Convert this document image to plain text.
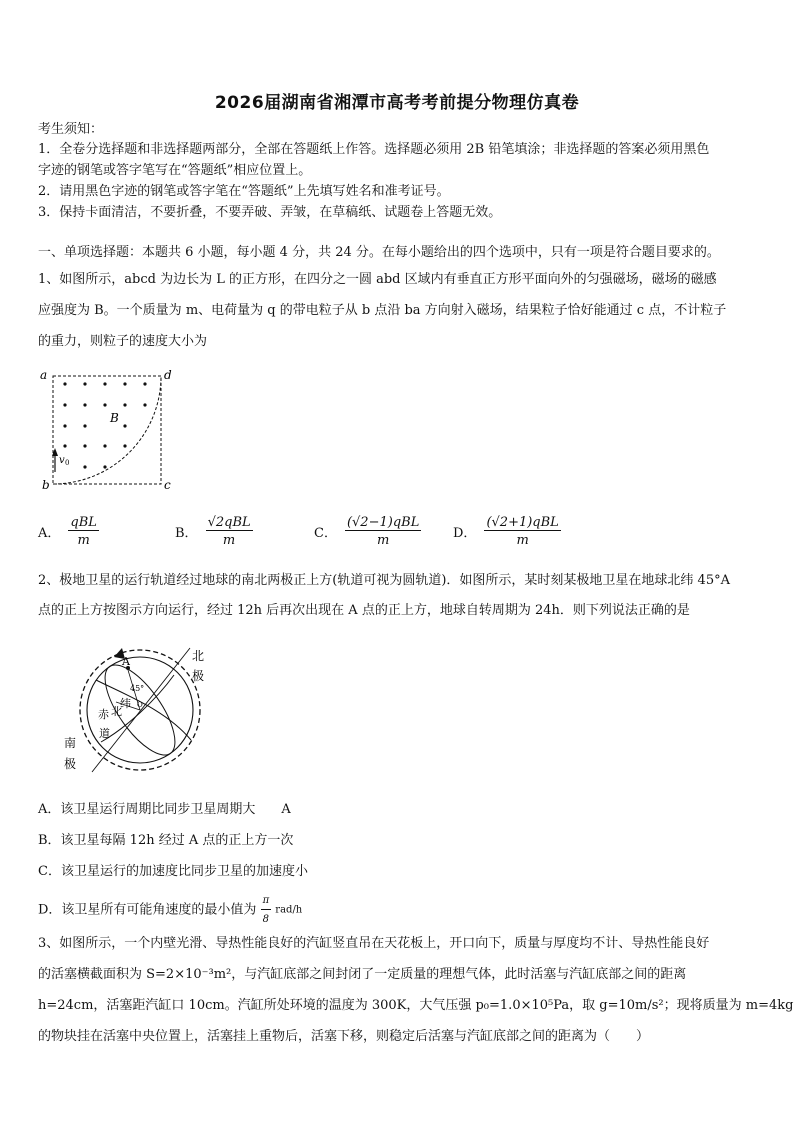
2026届湖南省湘潭市高考考前提分物理仿真卷
考生须知：
1．全卷分选择题和非选择题两部分，全部在答题纸上作答。选择题必须用 2B 铅笔填涂；非选择题的答案必须用黑色
字迹的钢笔或答字笔写在“答题纸”相应位置上。
2．请用黑色字迹的钢笔或答字笔在“答题纸”上先填写姓名和准考证号。
3．保持卡面清洁，不要折叠，不要弄破、弄皱，在草稿纸、试题卷上答题无效。
一、单项选择题：本题共 6 小题，每小题 4 分，共 24 分。在每小题给出的四个选项中，只有一项是符合题目要求的。
1、如图所示，abcd 为边长为 L 的正方形，在四分之一圆 abd 区域内有垂直正方形平面向外的匀强磁场，磁场的磁感
应强度为 B。一个质量为 m、电荷量为 q 的带电粒子从 b 点沿 ba 方向射入磁场，结果粒子恰好能通过 c 点，不计粒子
的重力，则粒子的速度大小为
a	d
b	c
B
v 0
A． $\frac{\text{qBL}}{m}$	B． $\frac{\text{√2qBL}}{m}$	C． $\frac{\text{(√2−1)qBL}}{m}$ D． $\frac{\text{(√2+1)qBL}}{m}$
2、极地卫星的运行轨道经过地球的南北两极正上方(轨道可视为圆轨道)．如图所示，某时刻某极地卫星在地球北纬 45°A
点的正上方按图示方向运行，经过 12h 后再次出现在 A 点的正上方，地球自转周期为 24h．则下列说法正确的是
A
45°
O
赤 北
纬
道
北
极
南
极
A．该卫星运行周期比同步卫星周期大　　A
B．该卫星每隔 12h 经过 A 点的正上方一次
C．该卫星运行的加速度比同步卫星的加速度小
D．该卫星所有可能角速度的最小值为 $\frac{\pi}{8} rad/h$
3、如图所示，一个内壁光滑、导热性能良好的汽缸竖直吊在天花板上，开口向下，质量与厚度均不计、导热性能良好
的活塞横截面积为 S=2×10⁻³m²，与汽缸底部之间封闭了一定质量的理想气体，此时活塞与汽缸底部之间的距离
h=24cm，活塞距汽缸口 10cm。汽缸所处环境的温度为 300K，大气压强 p₀=1.0×10⁵Pa，取 g=10m/s²；现将质量为 m=4kg
的物块挂在活塞中央位置上，活塞挂上重物后，活塞下移，则稳定后活塞与汽缸底部之间的距离为（　　）
